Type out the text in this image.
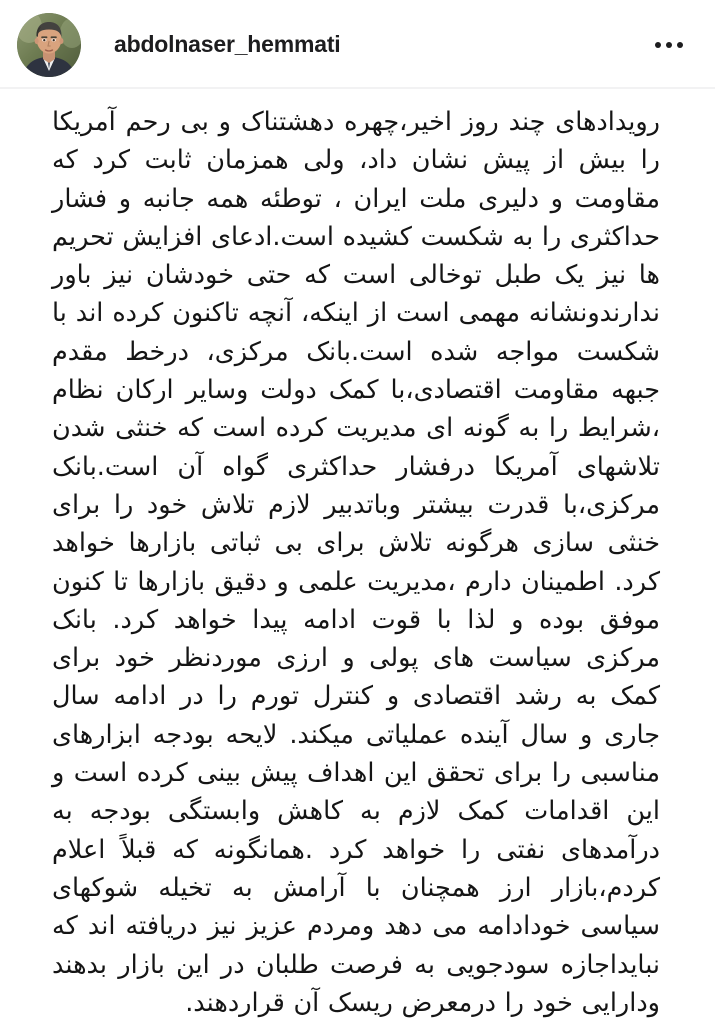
abdolnaser_hemmati

رویدادهای چند روز اخیر،چهره دهشتناک و بی رحم آمریکا را بیش از پیش نشان داد، ولی همزمان ثابت کرد که مقاومت و دلیری ملت ایران ، توطئه همه جانبه و فشار حداکثری را به شکست کشیده است.ادعای افزایش تحریم ها نیز یک طبل توخالی است که حتی خودشان نیز باور ندارندونشانه مهمی است از اینکه، آنچه تاکنون کرده اند با شکست مواجه شده است.بانک مرکزی، درخط مقدم جبهه مقاومت اقتصادی،با کمک دولت وسایر ارکان نظام ،شرایط را به گونه ای مدیریت کرده است که خنثی شدن تلاشهای آمریکا درفشار حداکثری گواه آن است.بانک مرکزی،با قدرت بیشتر وباتدبیر لازم تلاش خود را برای خنثی سازی هرگونه تلاش برای بی ثباتی بازارها خواهد کرد. اطمینان دارم ،مدیریت علمی و دقیق بازارها تا کنون موفق بوده و لذا با قوت ادامه پیدا خواهد کرد. بانک مرکزی سیاست های پولی و ارزی موردنظر خود برای کمک به رشد اقتصادی و کنترل تورم را در ادامه سال جاری و سال آینده عملیاتی میکند. لایحه بودجه ابزارهای مناسبی را برای تحقق این اهداف پیش بینی کرده است و این اقدامات کمک لازم به کاهش وابستگی بودجه به درآمدهای نفتی را خواهد کرد .همانگونه که قبلاً اعلام کردم،بازار ارز همچنان با آرامش به تخیله شوکهای سیاسی خودادامه می دهد ومردم عزیز نیز دریافته اند که نبایداجازه سودجویی به فرصت طلبان در این بازار بدهند ودارایی خود را درمعرض ریسک آن قراردهند.
